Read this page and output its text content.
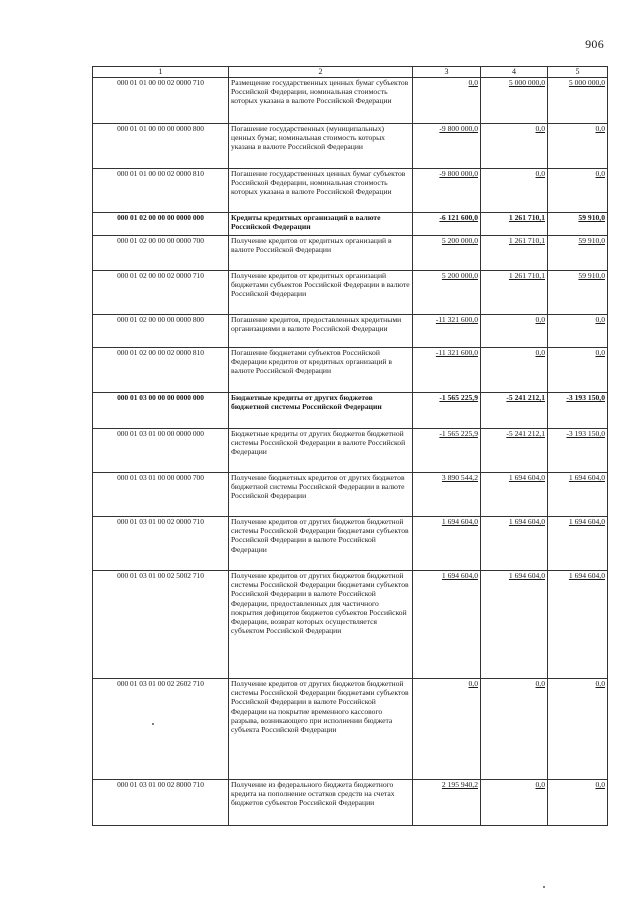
906
1	2	3	4	5
000 01 01 00 00 02 0000 710	Размещение государственных ценных бумаг субъектов Российской Федерации, номинальная стоимость которых указана в валюте Российской Федерации	0,0	5 000 000,0	5 000 000,0
000 01 01 00 00 00 0000 800	Погашение государственных (муниципальных) ценных бумаг, номинальная стоимость которых указана в валюте Российской Федерации	-9 800 000,0	0,0	0,0
000 01 01 00 00 02 0000 810	Погашение государственных ценных бумаг субъектов Российской Федерации, номинальная стоимость которых указана в валюте Российской Федерации	-9 800 000,0	0,0	0,0
000 01 02 00 00 00 0000 000	Кредиты кредитных организаций в валюте Российской Федерации	-6 121 600,0	1 261 710,1	59 910,0
000 01 02 00 00 00 0000 700	Получение кредитов от кредитных организаций в валюте Российской Федерации	5 200 000,0	1 261 710,1	59 910,0
000 01 02 00 00 02 0000 710	Получение кредитов от кредитных организаций бюджетами субъектов Российской Федерации в валюте Российской Федерации	5 200 000,0	1 261 710,1	59 910,0
000 01 02 00 00 00 0000 800	Погашение кредитов, предоставленных кредитными организациями в валюте Российской Федерации	-11 321 600,0	0,0	0,0
000 01 02 00 00 02 0000 810	Погашение бюджетами субъектов Российской Федерации кредитов от кредитных организаций в валюте Российской Федерации	-11 321 600,0	0,0	0,0
000 01 03 00 00 00 0000 000	Бюджетные кредиты от других бюджетов бюджетной системы Российской Федерации	-1 565 225,9	-5 241 212,1	-3 193 150,0
000 01 03 01 00 00 0000 000	Бюджетные кредиты от других бюджетов бюджетной системы Российской Федерации в валюте Российской Федерации	-1 565 225,9	-5 241 212,1	-3 193 150,0
000 01 03 01 00 00 0000 700	Получение бюджетных кредитов от других бюджетов бюджетной системы Российской Федерации в валюте Российской Федерации	3 890 544,2	1 694 604,0	1 694 604,0
000 01 03 01 00 02 0000 710	Получение кредитов от других бюджетов бюджетной системы Российской Федерации бюджетами субъектов Российской Федерации в валюте Российской Федерации	1 694 604,0	1 694 604,0	1 694 604,0
000 01 03 01 00 02 5002 710	Получение кредитов от других бюджетов бюджетной системы Российской Федерации бюджетами субъектов Российской Федерации в валюте Российской Федерации, предоставленных для частичного покрытия дефицитов бюджетов субъектов Российской Федерации, возврат которых осуществляется субъектом Российской Федерации	1 694 604,0	1 694 604,0	1 694 604,0
000 01 03 01 00 02 2602 710	Получение кредитов от других бюджетов бюджетной системы Российской Федерации бюджетами субъектов Российской Федерации в валюте Российской Федерации на покрытие временного кассового разрыва, возникающего при исполнении бюджета субъекта Российской Федерации	0,0	0,0	0,0
000 01 03 01 00 02 8000 710	Получение из федерального бюджета бюджетного кредита на пополнение остатков средств на счетах бюджетов субъектов Российской Федерации	2 195 940,2	0,0	0,0
